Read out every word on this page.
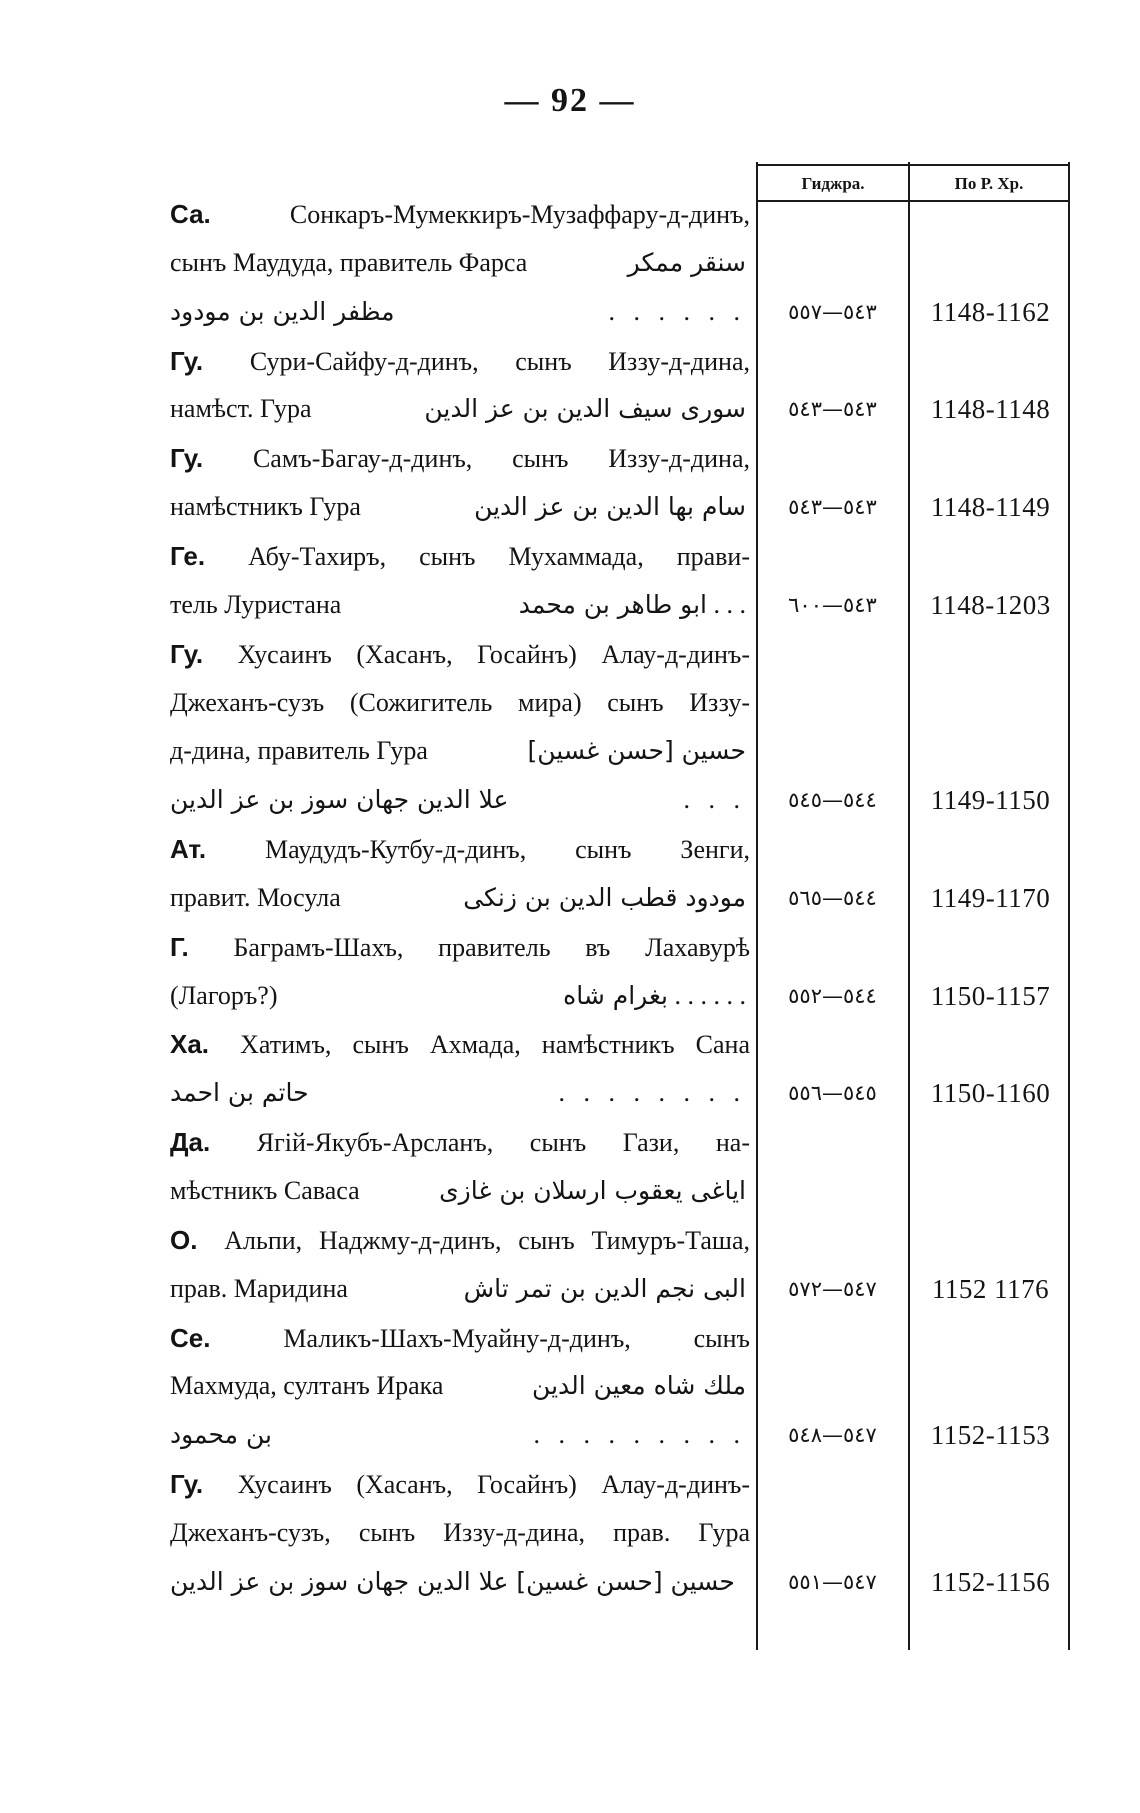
— 92 —
Гиджра.	По Р. Хр.
Са.	Сонкаръ-Мумеккиръ-Музаффару-д-динъ,
сынъ Маудуда, правитель Фарса	سنقر ممكر
مظفر الدين بن مودود	. . . . . .	٥٤٣—٥٥٧	1148-1162
Гу. Сури-Сайфу-д-динъ, сынъ Иззу-д-дина,
намѣст. Гура	سوری سيف الدين بن عز الدين	٥٤٣—٥٤٣	1148-1148
Гу. Самъ-Багау-д-динъ, сынъ Иззу-д-дина,
намѣстникъ Гура	سام بها الدين بن عز الدين	٥٤٣—٥٤٣	1148-1149
Ге. Абу-Тахиръ, сынъ Мухаммада, прави-
тель Луристана	ابو طاهر بن محمد . . .	٥٤٣—٦٠٠	1148-1203
Гу. Хусаинъ (Хасанъ, Госайнъ) Алау-д-динъ-
Джеханъ-сузъ (Сожигитель мира) сынъ Иззу-
д-дина, правитель Гура	حسين [حسن غسين]
علا الدين جهان سوز بن عز الدين	. . .	٥٤٤—٥٤٥	1149-1150
Ат. Маудудъ-Кутбу-д-динъ, сынъ Зенги,
правит. Мосула	مودود قطب الدين بن زنكى	٥٤٤—٥٦٥	1149-1170
Г. Баграмъ-Шахъ, правитель въ Лахавурѣ
(Лагоръ?)	بغرام شاه . . . . . .	٥٤٤—٥٥٢	1150-1157
Ха. Хатимъ, сынъ Ахмада, намѣстникъ Сана
حاتم بن احمد	. . . . . . . .	٥٤٥—٥٥٦	1150-1160
Да. Ягій-Якубъ-Арсланъ, сынъ Гази, на-
мѣстникъ Саваса	اياغى يعقوب ارسلان بن غازى
О. Альпи, Наджму-д-динъ, сынъ Тимуръ-Таша,
прав. Маридина	البى نجم الدين بن تمر تاش	٥٤٧—٥٧٢	1152 1176
Се.	Маликъ-Шахъ-Муайну-д-динъ, сынъ
Махмуда, султанъ Ирака	ملك شاه معين الدين
بن محمود	. . . . . . . . .	٥٤٧—٥٤٨	1152-1153
Гу. Хусаинъ (Хасанъ, Госайнъ) Алау-д-динъ-
Джеханъ-сузъ, сынъ Иззу-д-дина, прав. Гура
حسين [حسن غسين] علا الدين جهان سوز بن عز الدين	٥٤٧—٥٥١	1152-1156
